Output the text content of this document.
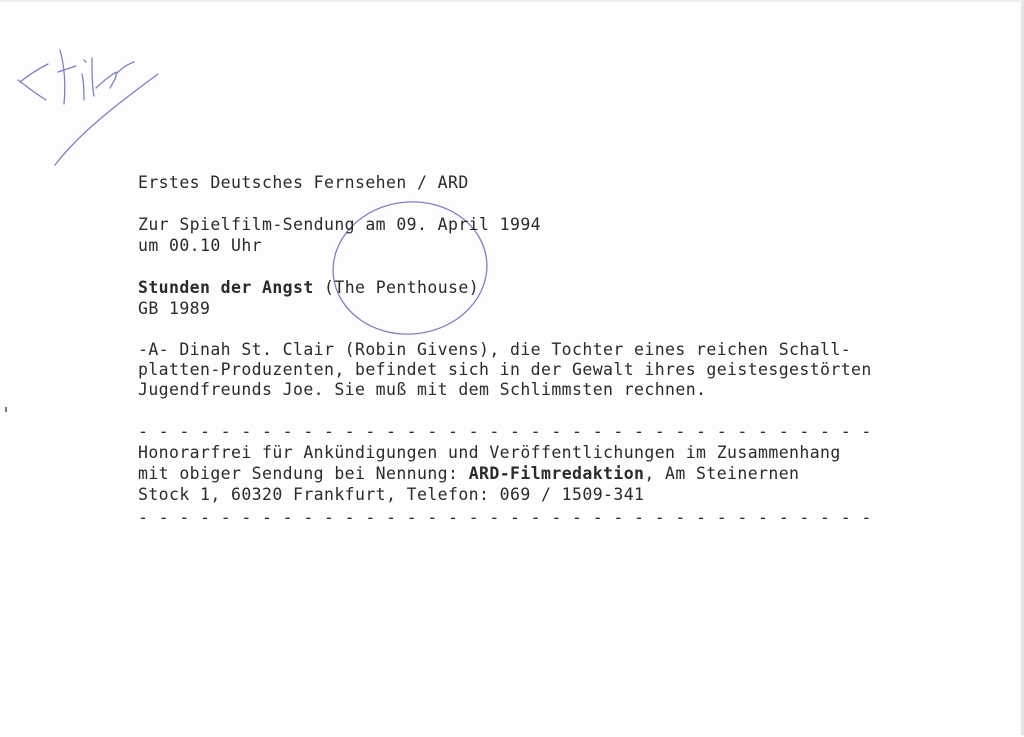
Erstes Deutsches Fernsehen / ARD
Zur Spielfilm-Sendung am 09. April 1994
um 00.10 Uhr
Stunden der Angst (The Penthouse)
GB 1989
-A- Dinah St. Clair (Robin Givens), die Tochter eines reichen Schall-
platten-Produzenten, befindet sich in der Gewalt ihres geistesgestörten
Jugendfreunds Joe. Sie muß mit dem Schlimmsten rechnen.
- - - - - - - - - - - - - - - - - - - - - - - - - - - - - - - - - - - -
Honorarfrei für Ankündigungen und Veröffentlichungen im Zusammenhang
mit obiger Sendung bei Nennung: ARD-Filmredaktion, Am Steinernen
Stock 1, 60320 Frankfurt, Telefon: 069 / 1509-341
- - - - - - - - - - - - - - - - - - - - - - - - - - - - - - - - - - - -
